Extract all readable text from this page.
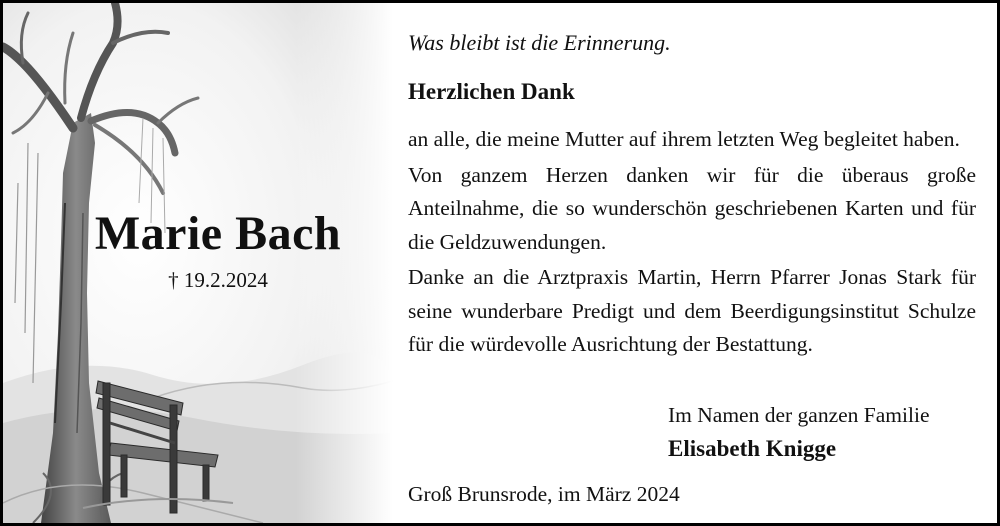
Marie Bach
† 19.2.2024
Was bleibt ist die Erinnerung.
Herzlichen Dank

an alle, die meine Mutter auf ihrem letzten Weg begleitet haben.

Von ganzem Herzen danken wir für die überaus große Anteilnahme, die so wunderschön geschriebenen Karten und für die Geldzuwendungen.

Danke an die Arztpraxis Martin, Herrn Pfarrer Jonas Stark für seine wunderbare Predigt und dem Beerdigungsinstitut Schulze für die würdevolle Ausrichtung der Bestattung.

Im Namen der ganzen Familie
Elisabeth Knigge
Groß Brunsrode, im März 2024
